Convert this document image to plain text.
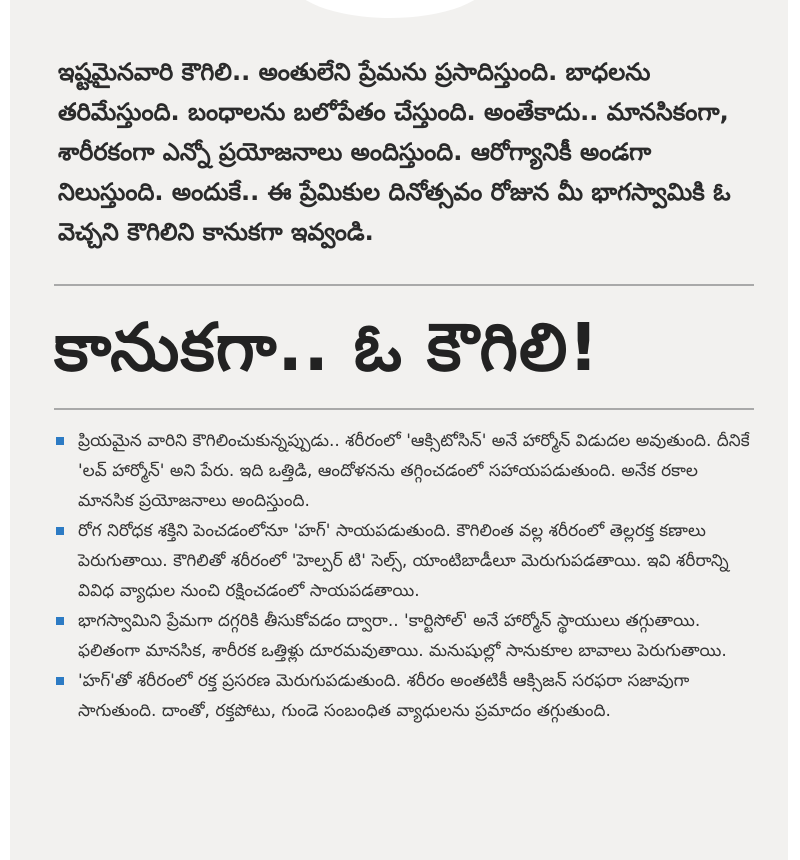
ఇష్టమైనవారి కౌగిలి.. అంతులేని ప్రేమను ప్రసాదిస్తుంది. బాధలను తరిమేస్తుంది. బంధాలను బలోపేతం చేస్తుంది. అంతేకాదు.. మానసికంగా, శారీరకంగా ఎన్నో ప్రయోజనాలు అందిస్తుంది. ఆరోగ్యానికీ అండగా నిలుస్తుంది. అందుకే.. ఈ ప్రేమికుల దినోత్సవం రోజున మీ భాగస్వామికి ఓ వెచ్చని కౌగిలిని కానుకగా ఇవ్వండి.

కానుకగా.. ఓ కౌగిలి!
ప్రియమైన వారిని కౌగిలించుకున్నప్పుడు.. శరీరంలో 'ఆక్సిటోసిన్' అనే హార్మోన్ విడుదల అవుతుంది. దీనికే 'లవ్ హార్మోన్' అని పేరు. ఇది ఒత్తిడి, ఆందోళనను తగ్గించడంలో సహాయపడుతుంది. అనేక రకాల మానసిక ప్రయోజనాలు అందిస్తుంది.
రోగ నిరోధక శక్తిని పెంచడంలోనూ 'హగ్' సాయపడుతుంది. కౌగిలింత వల్ల శరీరంలో తెల్లరక్త కణాలు పెరుగుతాయి. కౌగిలితో శరీరంలో 'హెల్పర్ టి' సెల్స్, యాంటిబాడీలూ మెరుగుపడతాయి. ఇవి శరీరాన్ని వివిధ వ్యాధుల నుంచి రక్షించడంలో సాయపడతాయి.
భాగస్వామిని ప్రేమగా దగ్గరికి తీసుకోవడం ద్వారా.. 'కార్టిసోల్' అనే హార్మోన్ స్థాయులు తగ్గుతాయి. ఫలితంగా మానసిక, శారీరక ఒత్తిళ్లు దూరమవుతాయి. మనుషుల్లో సానుకూల బావాలు పెరుగుతాయి.
'హగ్'తో శరీరంలో రక్త ప్రసరణ మెరుగుపడుతుంది. శరీరం అంతటికీ ఆక్సిజన్ సరఫరా సజావుగా సాగుతుంది. దాంతో, రక్తపోటు, గుండె సంబంధిత వ్యాధులను ప్రమాదం తగ్గుతుంది.
